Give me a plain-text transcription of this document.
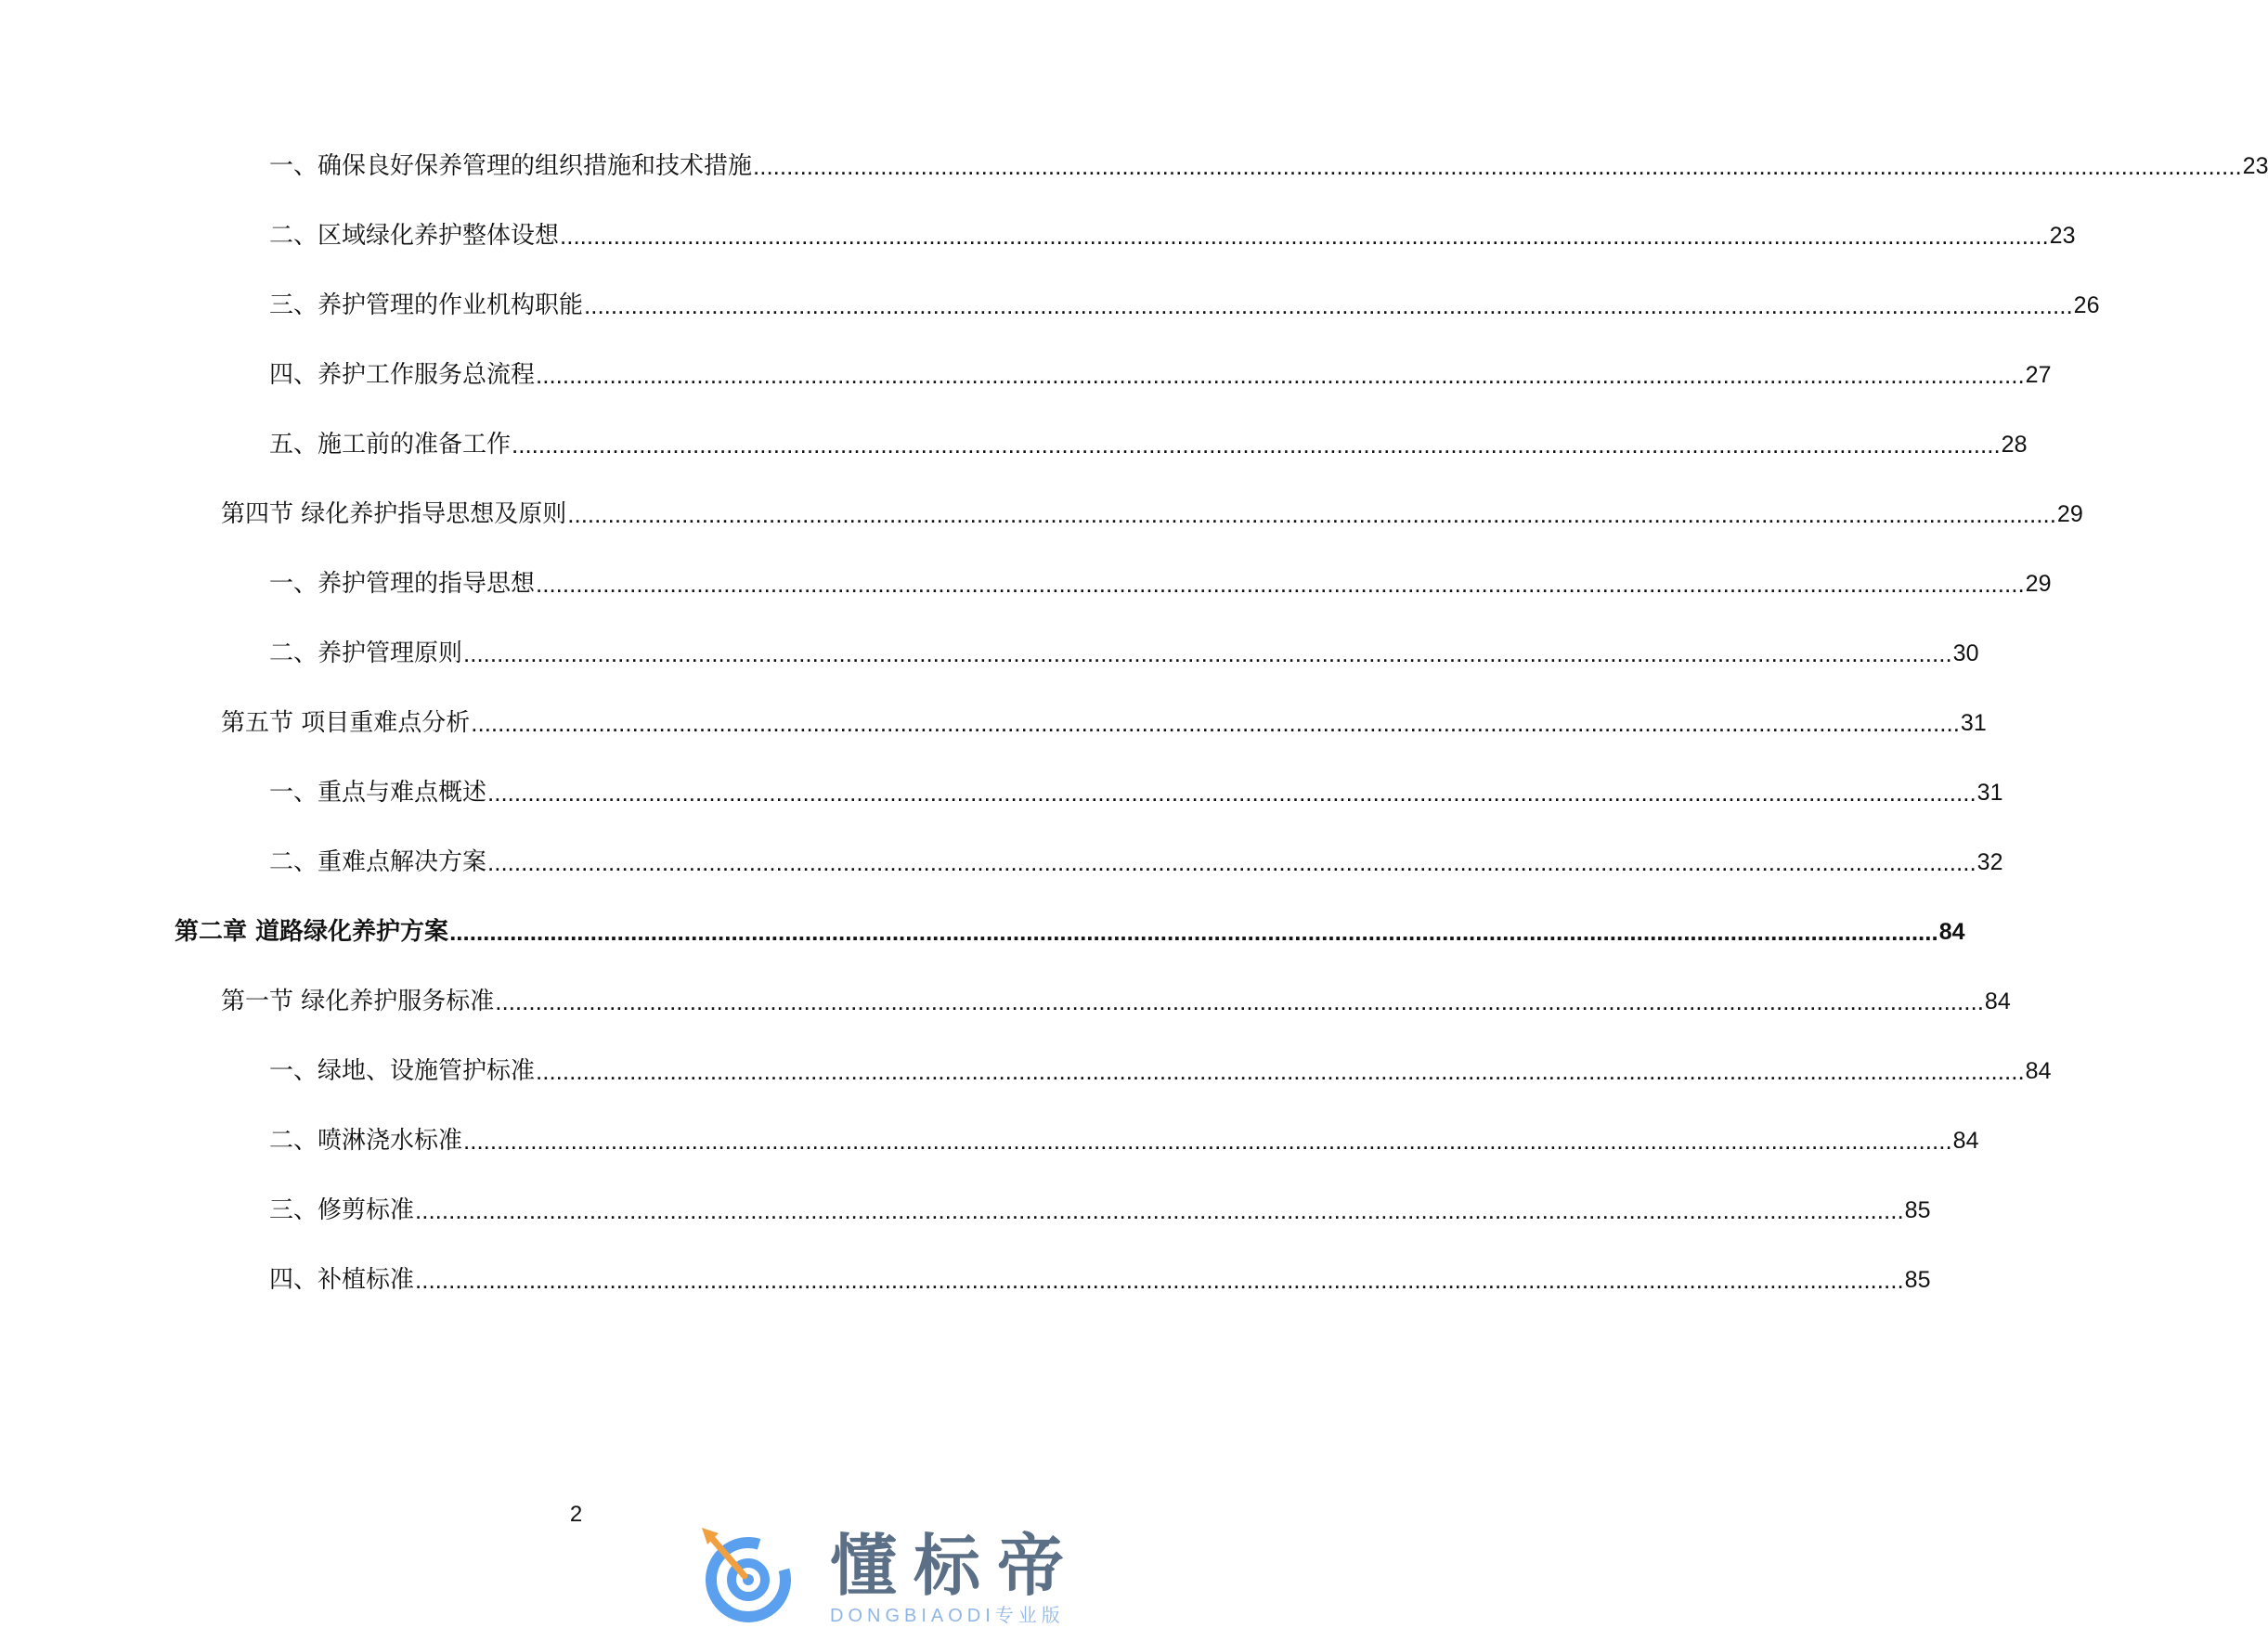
一、确保良好保养管理的组织措施和技术措施 .............................................................................................................................................................................................................................. 23
二、区域绿化养护整体设想 .............................................................................................................................................................................................................................. 23
三、养护管理的作业机构职能 .............................................................................................................................................................................................................................. 26
四、养护工作服务总流程 .............................................................................................................................................................................................................................. 27
五、施工前的准备工作 .............................................................................................................................................................................................................................. 28
第四节 绿化养护指导思想及原则 .............................................................................................................................................................................................................................. 29
一、养护管理的指导思想 .............................................................................................................................................................................................................................. 29
二、养护管理原则 .............................................................................................................................................................................................................................. 30
第五节 项目重难点分析 .............................................................................................................................................................................................................................. 31
一、重点与难点概述 .............................................................................................................................................................................................................................. 31
二、重难点解决方案 .............................................................................................................................................................................................................................. 32
第二章 道路绿化养护方案 .............................................................................................................................................................................................................................. 84
第一节 绿化养护服务标准 .............................................................................................................................................................................................................................. 84
一、绿地、设施管护标准 .............................................................................................................................................................................................................................. 84
二、喷淋浇水标准 .............................................................................................................................................................................................................................. 84
三、修剪标准 .............................................................................................................................................................................................................................. 85
四、补植标准 .............................................................................................................................................................................................................................. 85
2
懂标帝
DONGBIAODI专业版
